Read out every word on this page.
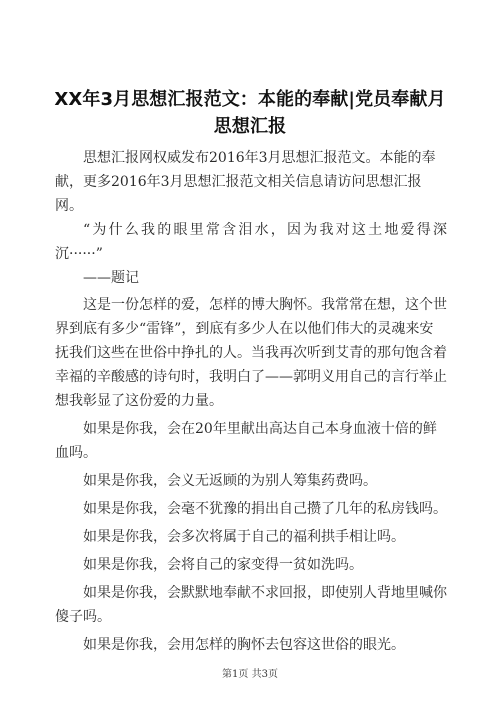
XX年3月思想汇报范文：本能的奉献|党员奉献月思想汇报

思想汇报网权威发布2016年3月思想汇报范文。本能的奉献，更多2016年3月思想汇报范文相关信息请访问思想汇报网。

“为什么我的眼里常含泪水，因为我对这土地爱得深

沉······”

——题记

这是一份怎样的爱，怎样的博大胸怀。我常常在想，这个世界到底有多少“雷锋”，到底有多少人在以他们伟大的灵魂来安抚我们这些在世俗中挣扎的人。当我再次听到艾青的那句饱含着幸福的辛酸感的诗句时，我明白了——郭明义用自己的言行举止想我彰显了这份爱的力量。

如果是你我，会在20年里献出高达自己本身血液十倍的鲜血吗。

如果是你我，会义无返顾的为别人筹集药费吗。

如果是你我，会毫不犹豫的捐出自己攒了几年的私房钱吗。

如果是你我，会多次将属于自己的福利拱手相让吗。

如果是你我，会将自己的家变得一贫如洗吗。

如果是你我，会默默地奉献不求回报，即使别人背地里喊你傻子吗。

如果是你我，会用怎样的胸怀去包容这世俗的眼光。

第1页 共3页
